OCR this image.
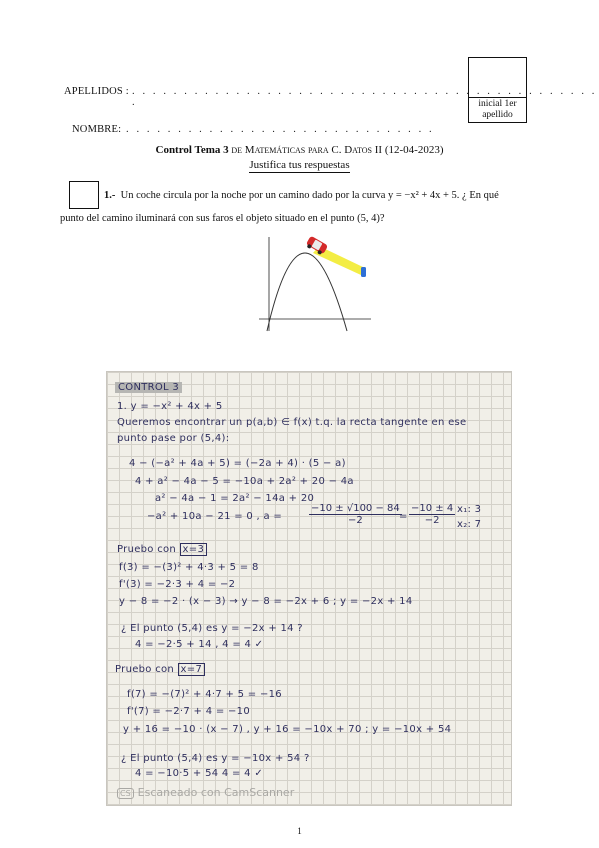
APELLIDOS : . . . . . . . . . . . . . . . . . . . . . . . . . . . . . . . . . . . . . . . . . . . . . .	inicial 1er
apellido
NOMBRE: . . . . . . . . . . . . . . . . . . . . . . . . . . . . . .
Control Tema 3 de Matemáticas para C. Datos II (12-04-2023)
Justifica tus respuestas
1.- Un coche circula por la noche por un camino dado por la curva y = −x² + 4x + 5. ¿ En qué
punto del camino iluminará con sus faros el objeto situado en el punto (5, 4)?
CONTROL 3
1. y = −x² + 4x + 5
Queremos encontrar un p(a,b) ∈ f(x) t.q. la recta tangente en ese
punto pase por (5,4):
4 − (−a² + 4a + 5) = (−2a + 4) · (5 − a)
4 + a² − 4a − 5 = −10a + 2a² + 20 − 4a
a² − 4a − 1 = 2a² − 14a + 20
−a² + 10a − 21 = 0 , a =	$\frac{-10 \pm √100 - 84}{-2}$
= $\frac{-10 \pm 4}{-2} x_1$: 3
x₂: 7
Pruebo con x=3
f(3) = −(3)² + 4·3 + 5 = 8
f'(3) = −2·3 + 4 = −2
y − 8 = −2 · (x − 3) → y − 8 = −2x + 6 ; y = −2x + 14
¿ El punto (5,4) es y = −2x + 14 ?
4 = −2·5 + 14 , 4 = 4 ✓
Pruebo con x=7
f(7) = −(7)² + 4·7 + 5 = −16
f'(7) = −2·7 + 4 = −10
y + 16 = −10 · (x − 7) , y + 16 = −10x + 70 ; y = −10x + 54
¿ El punto (5,4) es y = −10x + 54 ?
4 = −10·5 + 54 4 = 4 ✓
CS Escaneado con CamScanner
1
